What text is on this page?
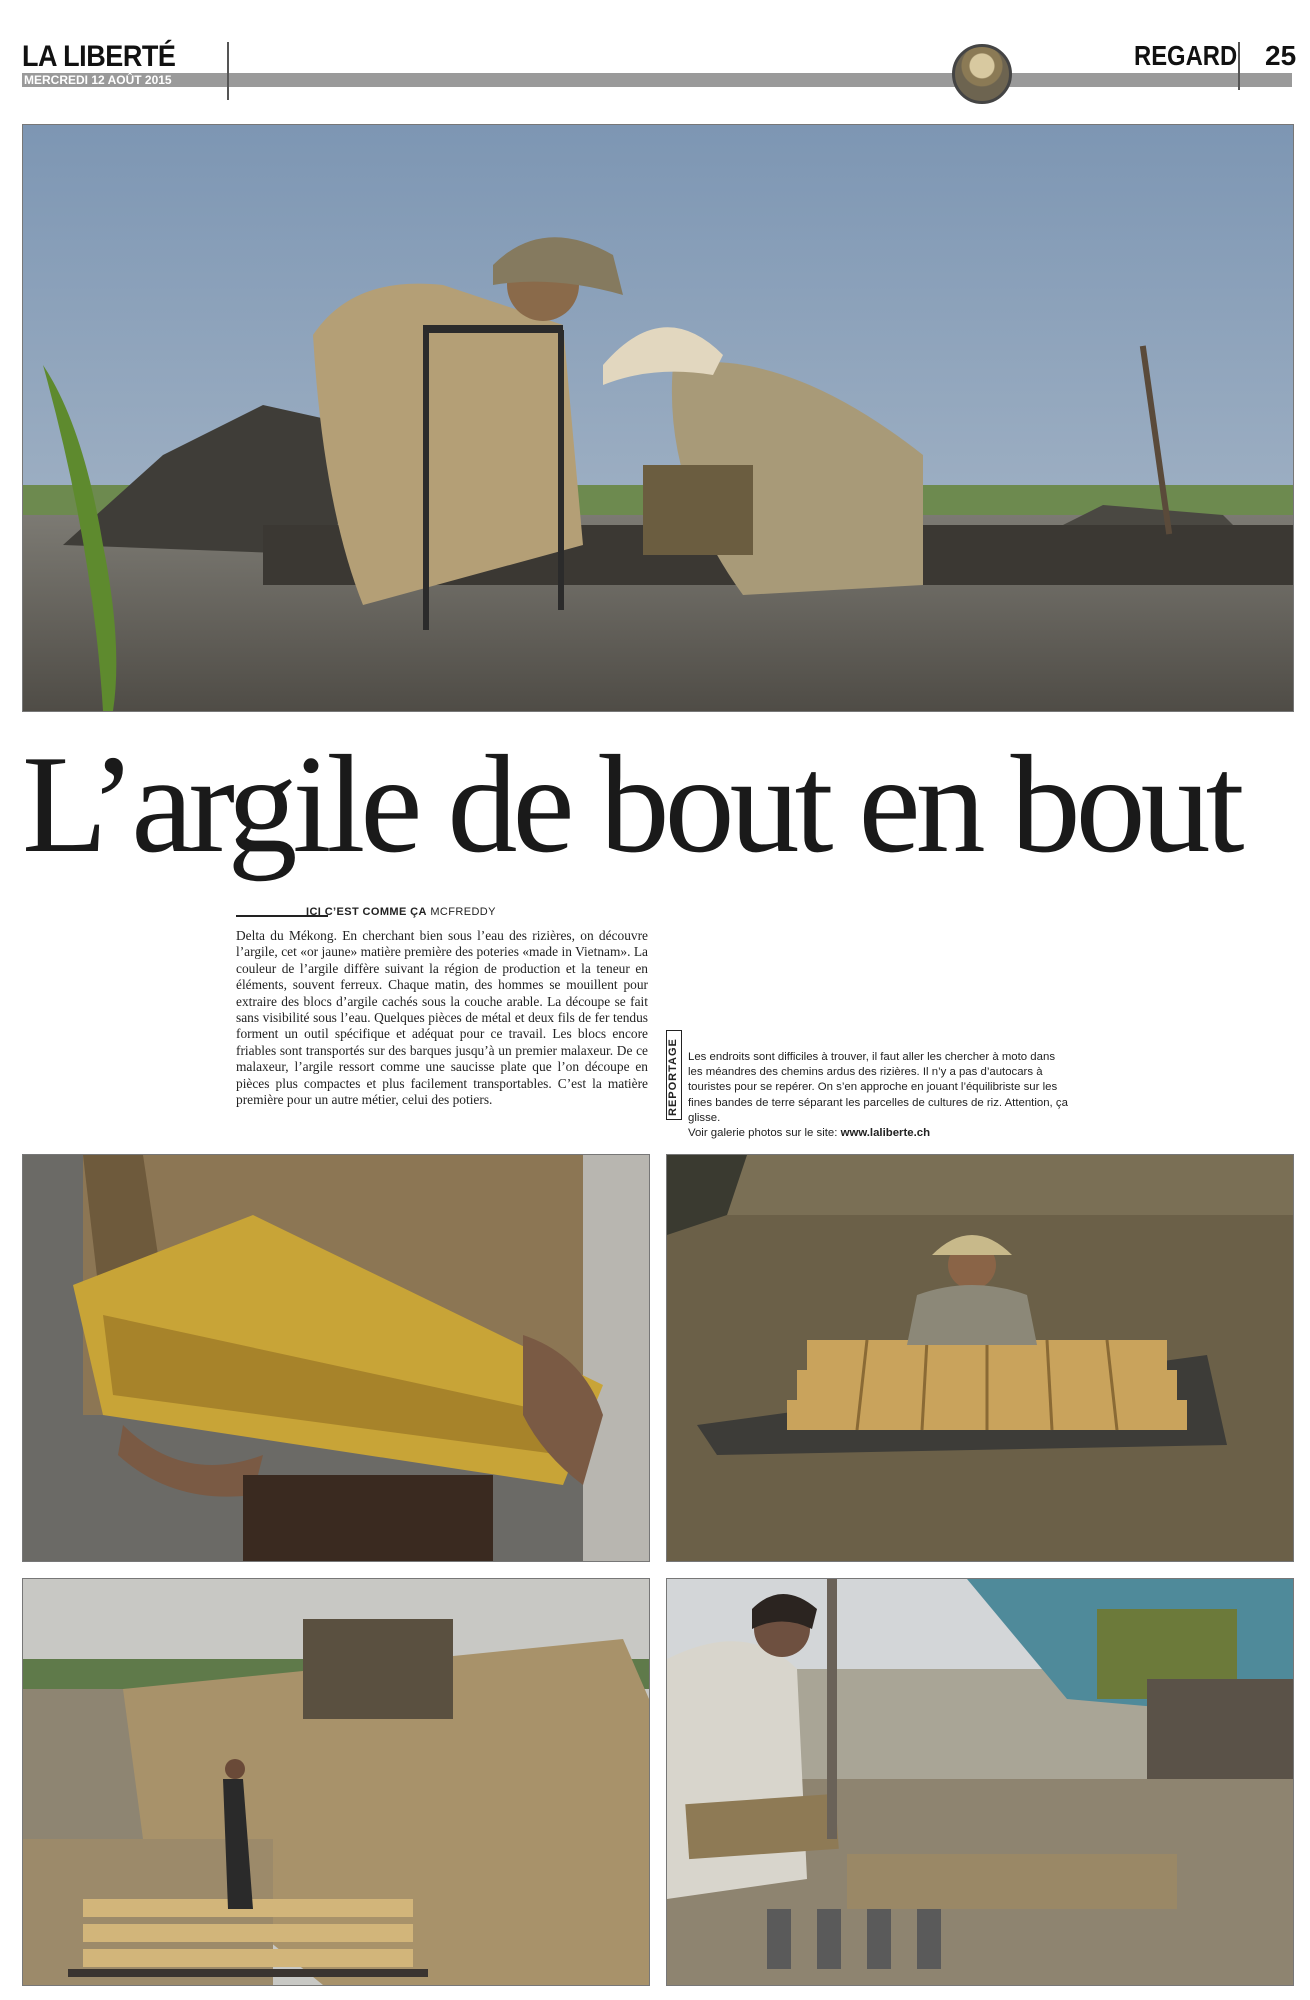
LA LIBERTÉ
MERCREDI 12 AOÛT 2015
REGARD 25
L’argile de bout en bout
ICI C’EST COMME ÇA MCFREDDY
Delta du Mékong. En cherchant bien sous l’eau des rizières, on découvre l’argile, cet «or jaune» matière première des poteries «made in Vietnam». La couleur de l’argile diffère suivant la région de production et la teneur en éléments, souvent ferreux. Chaque matin, des hommes se mouillent pour extraire des blocs d’argile cachés sous la couche arable. La découpe se fait sans visibilité sous l’eau. Quelques pièces de métal et deux fils de fer tendus forment un outil spécifique et adéquat pour ce travail. Les blocs encore friables sont transportés sur des barques jusqu’à un premier malaxeur. De ce malaxeur, l’argile ressort comme une saucisse plate que l’on découpe en pièces plus compactes et plus facilement transportables. C’est la matière première pour un autre métier, celui des potiers.	REPORTAGE Les endroits sont difficiles à trouver, il faut aller les chercher à moto dans les méandres des chemins ardus des rizières. Il n’y a pas d’autocars à touristes pour se repérer. On s’en approche en jouant l’équilibriste sur les fines bandes de terre séparant les parcelles de cultures de riz. Attention, ça glisse.
Voir galerie photos sur le site: www.laliberte.ch
